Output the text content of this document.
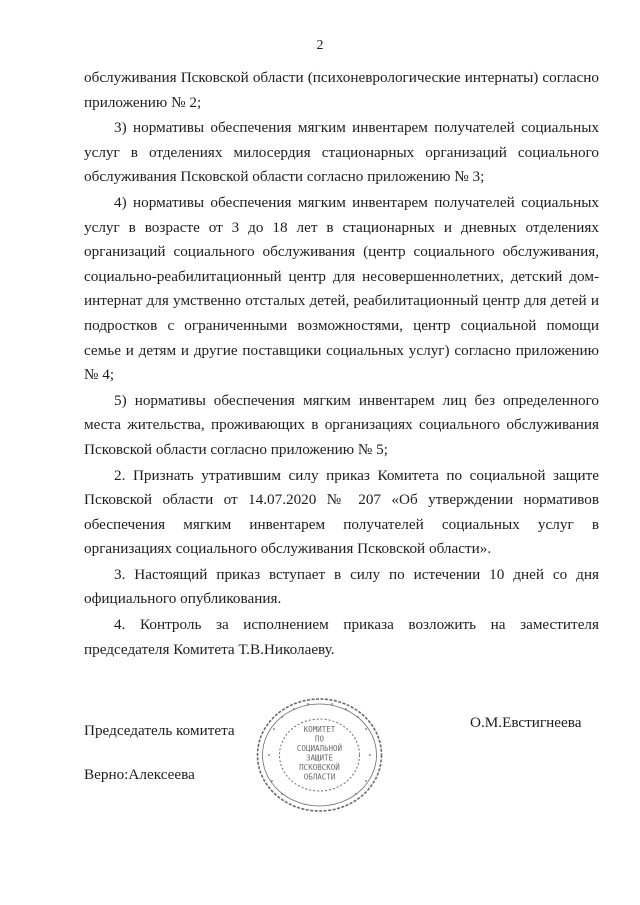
2

обслуживания Псковской области (психоневрологические интернаты) согласно приложению № 2;

3) нормативы обеспечения мягким инвентарем получателей социальных услуг в отделениях милосердия стационарных организаций социального обслуживания Псковской области согласно приложению № 3;

4) нормативы обеспечения мягким инвентарем получателей социальных услуг в возрасте от 3 до 18 лет в стационарных и дневных отделениях организаций социального обслуживания (центр социального обслуживания, социально-реабилитационный центр для несовершеннолетних, детский дом-интернат для умственно отсталых детей, реабилитационный центр для детей и подростков с ограниченными возможностями, центр социальной помощи семье и детям и другие поставщики социальных услуг) согласно приложению № 4;

5) нормативы обеспечения мягким инвентарем лиц без определенного места жительства, проживающих в организациях социального обслуживания Псковской области согласно приложению № 5;

2. Признать утратившим силу приказ Комитета по социальной защите Псковской области от 14.07.2020 № 207 «Об утверждении нормативов обеспечения мягким инвентарем получателей социальных услуг в организациях социального обслуживания Псковской области».

3. Настоящий приказ вступает в силу по истечении 10 дней со дня официального опубликования.

4. Контроль за исполнением приказа возложить на заместителя председателя Комитета Т.В.Николаеву.

Председатель комитета	О.М.Евстигнеева
Верно:Алексеева
КОМИТЕТ
ПО
СОЦИАЛЬНОЙ
ЗАЩИТЕ
ПСКОВСКОЙ
ОБЛАСТИ
